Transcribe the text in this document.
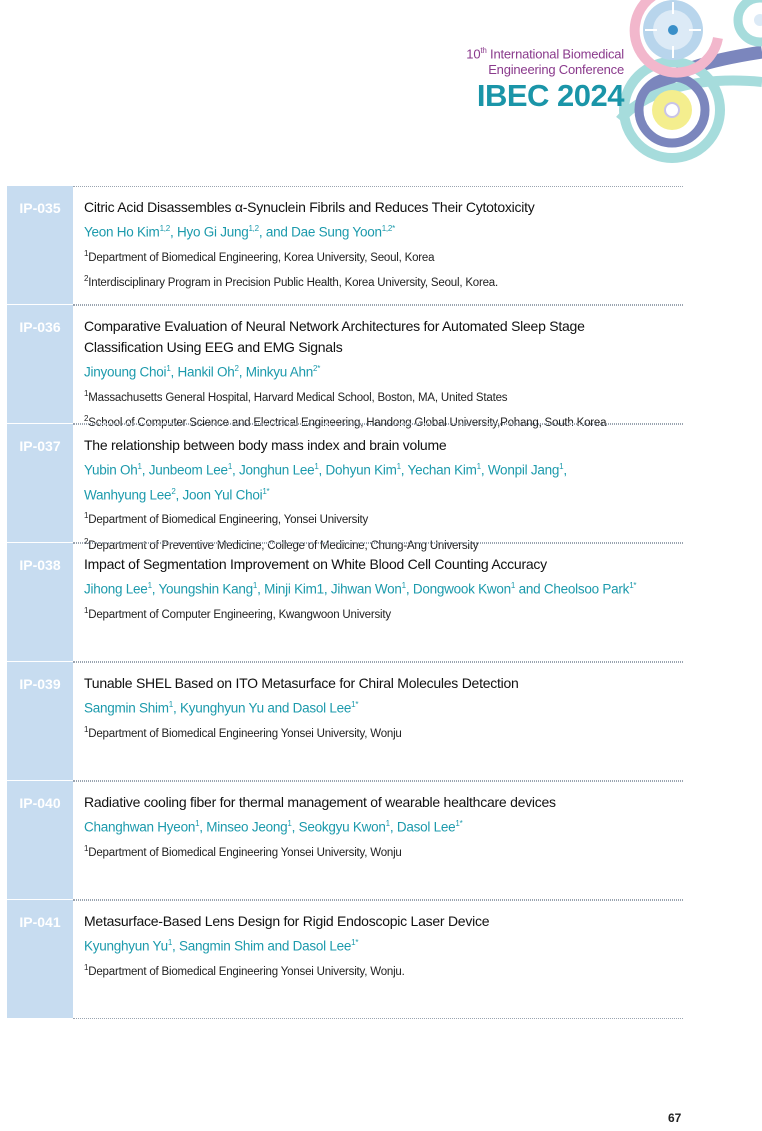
10th International Biomedical
Engineering Conference
IBEC 2024
IP-035	Citric Acid Disassembles α-Synuclein Fibrils and Reduces Their Cytotoxicity
Yeon Ho Kim$^{1,2}$, Hyo Gi Jung$^{1,2}$, and Dae Sung Yoon$^{1,2*}$
$^1$Department of Biomedical Engineering, Korea University, Seoul, Korea
$^2$Interdisciplinary Program in Precision Public Health, Korea University, Seoul, Korea.
IP-036	Comparative Evaluation of Neural Network Architectures for Automated Sleep Stage
Classification Using EEG and EMG Signals
Jinyoung Choi$^1$, Hankil Oh$^2$, Minkyu Ahn$^{2*}$
$^1$Massachusetts General Hospital, Harvard Medical School, Boston, MA, United States
$^2$School of Computer Science and Electrical Engineering, Handong Global University,Pohang, South Korea
IP-037	The relationship between body mass index and brain volume
Yubin Oh$^1$, Junbeom Lee$^1$, Jonghun Lee$^1$, Dohyun Kim$^1$, Yechan Kim$^1$, Wonpil Jang$^1$,
Wanhyung Lee$^2$, Joon Yul Choi$^{1*}$
$^1$Department of Biomedical Engineering, Yonsei University
$^2$Department of Preventive Medicine, College of Medicine, Chung-Ang University
IP-038	Impact of Segmentation Improvement on White Blood Cell Counting Accuracy
Jihong Lee$^1$, Youngshin Kang$^1$, Minji Kim1, Jihwan Won$^1$, Dongwook Kwon$^1$ and Cheolsoo Park$^{1*}$
$^1$Department of Computer Engineering, Kwangwoon University
IP-039	Tunable SHEL Based on ITO Metasurface for Chiral Molecules Detection
Sangmin Shim$^1$, Kyunghyun Yu and Dasol Lee$^{1*}$
$^1$Department of Biomedical Engineering Yonsei University, Wonju
IP-040	Radiative cooling fiber for thermal management of wearable healthcare devices
Changhwan Hyeon$^1$, Minseo Jeong$^1$, Seokgyu Kwon$^1$, Dasol Lee$^{1*}$
$^1$Department of Biomedical Engineering Yonsei University, Wonju
IP-041	Metasurface-Based Lens Design for Rigid Endoscopic Laser Device
Kyunghyun Yu$^1$, Sangmin Shim and Dasol Lee$^{1*}$
$^1$Department of Biomedical Engineering Yonsei University, Wonju.
67
